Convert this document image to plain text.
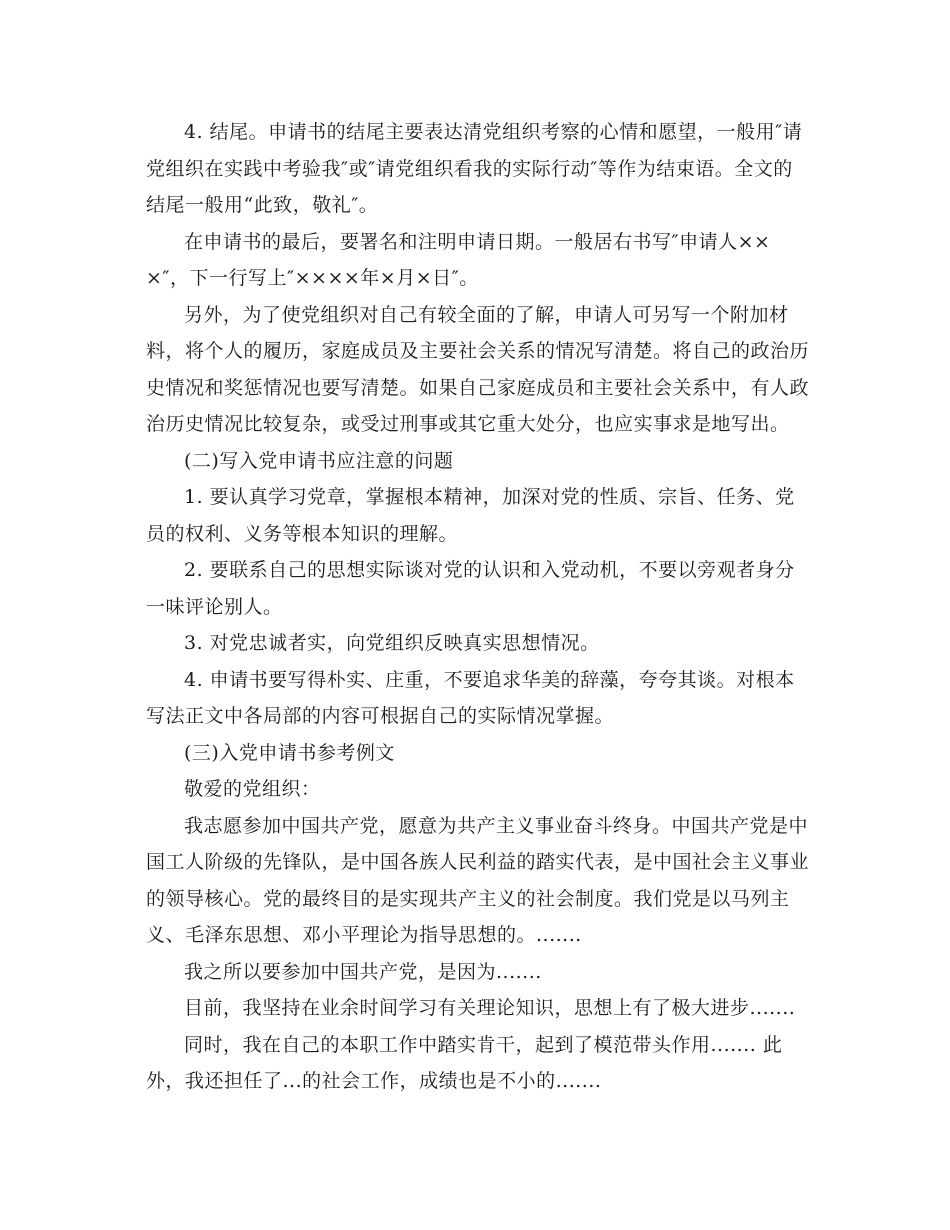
4. 结尾。申请书的结尾主要表达清党组织考察的心情和愿望，一般用″请党组织在实践中考验我″或″请党组织看我的实际行动″等作为结束语。全文的结尾一般用“此致，敬礼″。

在申请书的最后，要署名和注明申请日期。一般居右书写″申请人×××″，下一行写上″××××年×月×日″。

另外，为了使党组织对自己有较全面的了解，申请人可另写一个附加材料，将个人的履历，家庭成员及主要社会关系的情况写清楚。将自己的政治历史情况和奖惩情况也要写清楚。如果自己家庭成员和主要社会关系中，有人政治历史情况比较复杂，或受过刑事或其它重大处分，也应实事求是地写出。

(二)写入党申请书应注意的问题

1. 要认真学习党章，掌握根本精神，加深对党的性质、宗旨、任务、党员的权利、义务等根本知识的理解。

2. 要联系自己的思想实际谈对党的认识和入党动机，不要以旁观者身分一味评论别人。

3. 对党忠诚者实，向党组织反映真实思想情况。

4. 申请书要写得朴实、庄重，不要追求华美的辞藻，夸夸其谈。对根本写法正文中各局部的内容可根据自己的实际情况掌握。

(三)入党申请书参考例文

敬爱的党组织：

我志愿参加中国共产党，愿意为共产主义事业奋斗终身。中国共产党是中国工人阶级的先锋队，是中国各族人民利益的踏实代表，是中国社会主义事业的领导核心。党的最终目的是实现共产主义的社会制度。我们党是以马列主义、毛泽东思想、邓小平理论为指导思想的。.......

我之所以要参加中国共产党，是因为.......

目前，我坚持在业余时间学习有关理论知识，思想上有了极大进步.......

同时，我在自己的本职工作中踏实肯干，起到了模范带头作用....... 此外，我还担任了...的社会工作，成绩也是不小的.......
